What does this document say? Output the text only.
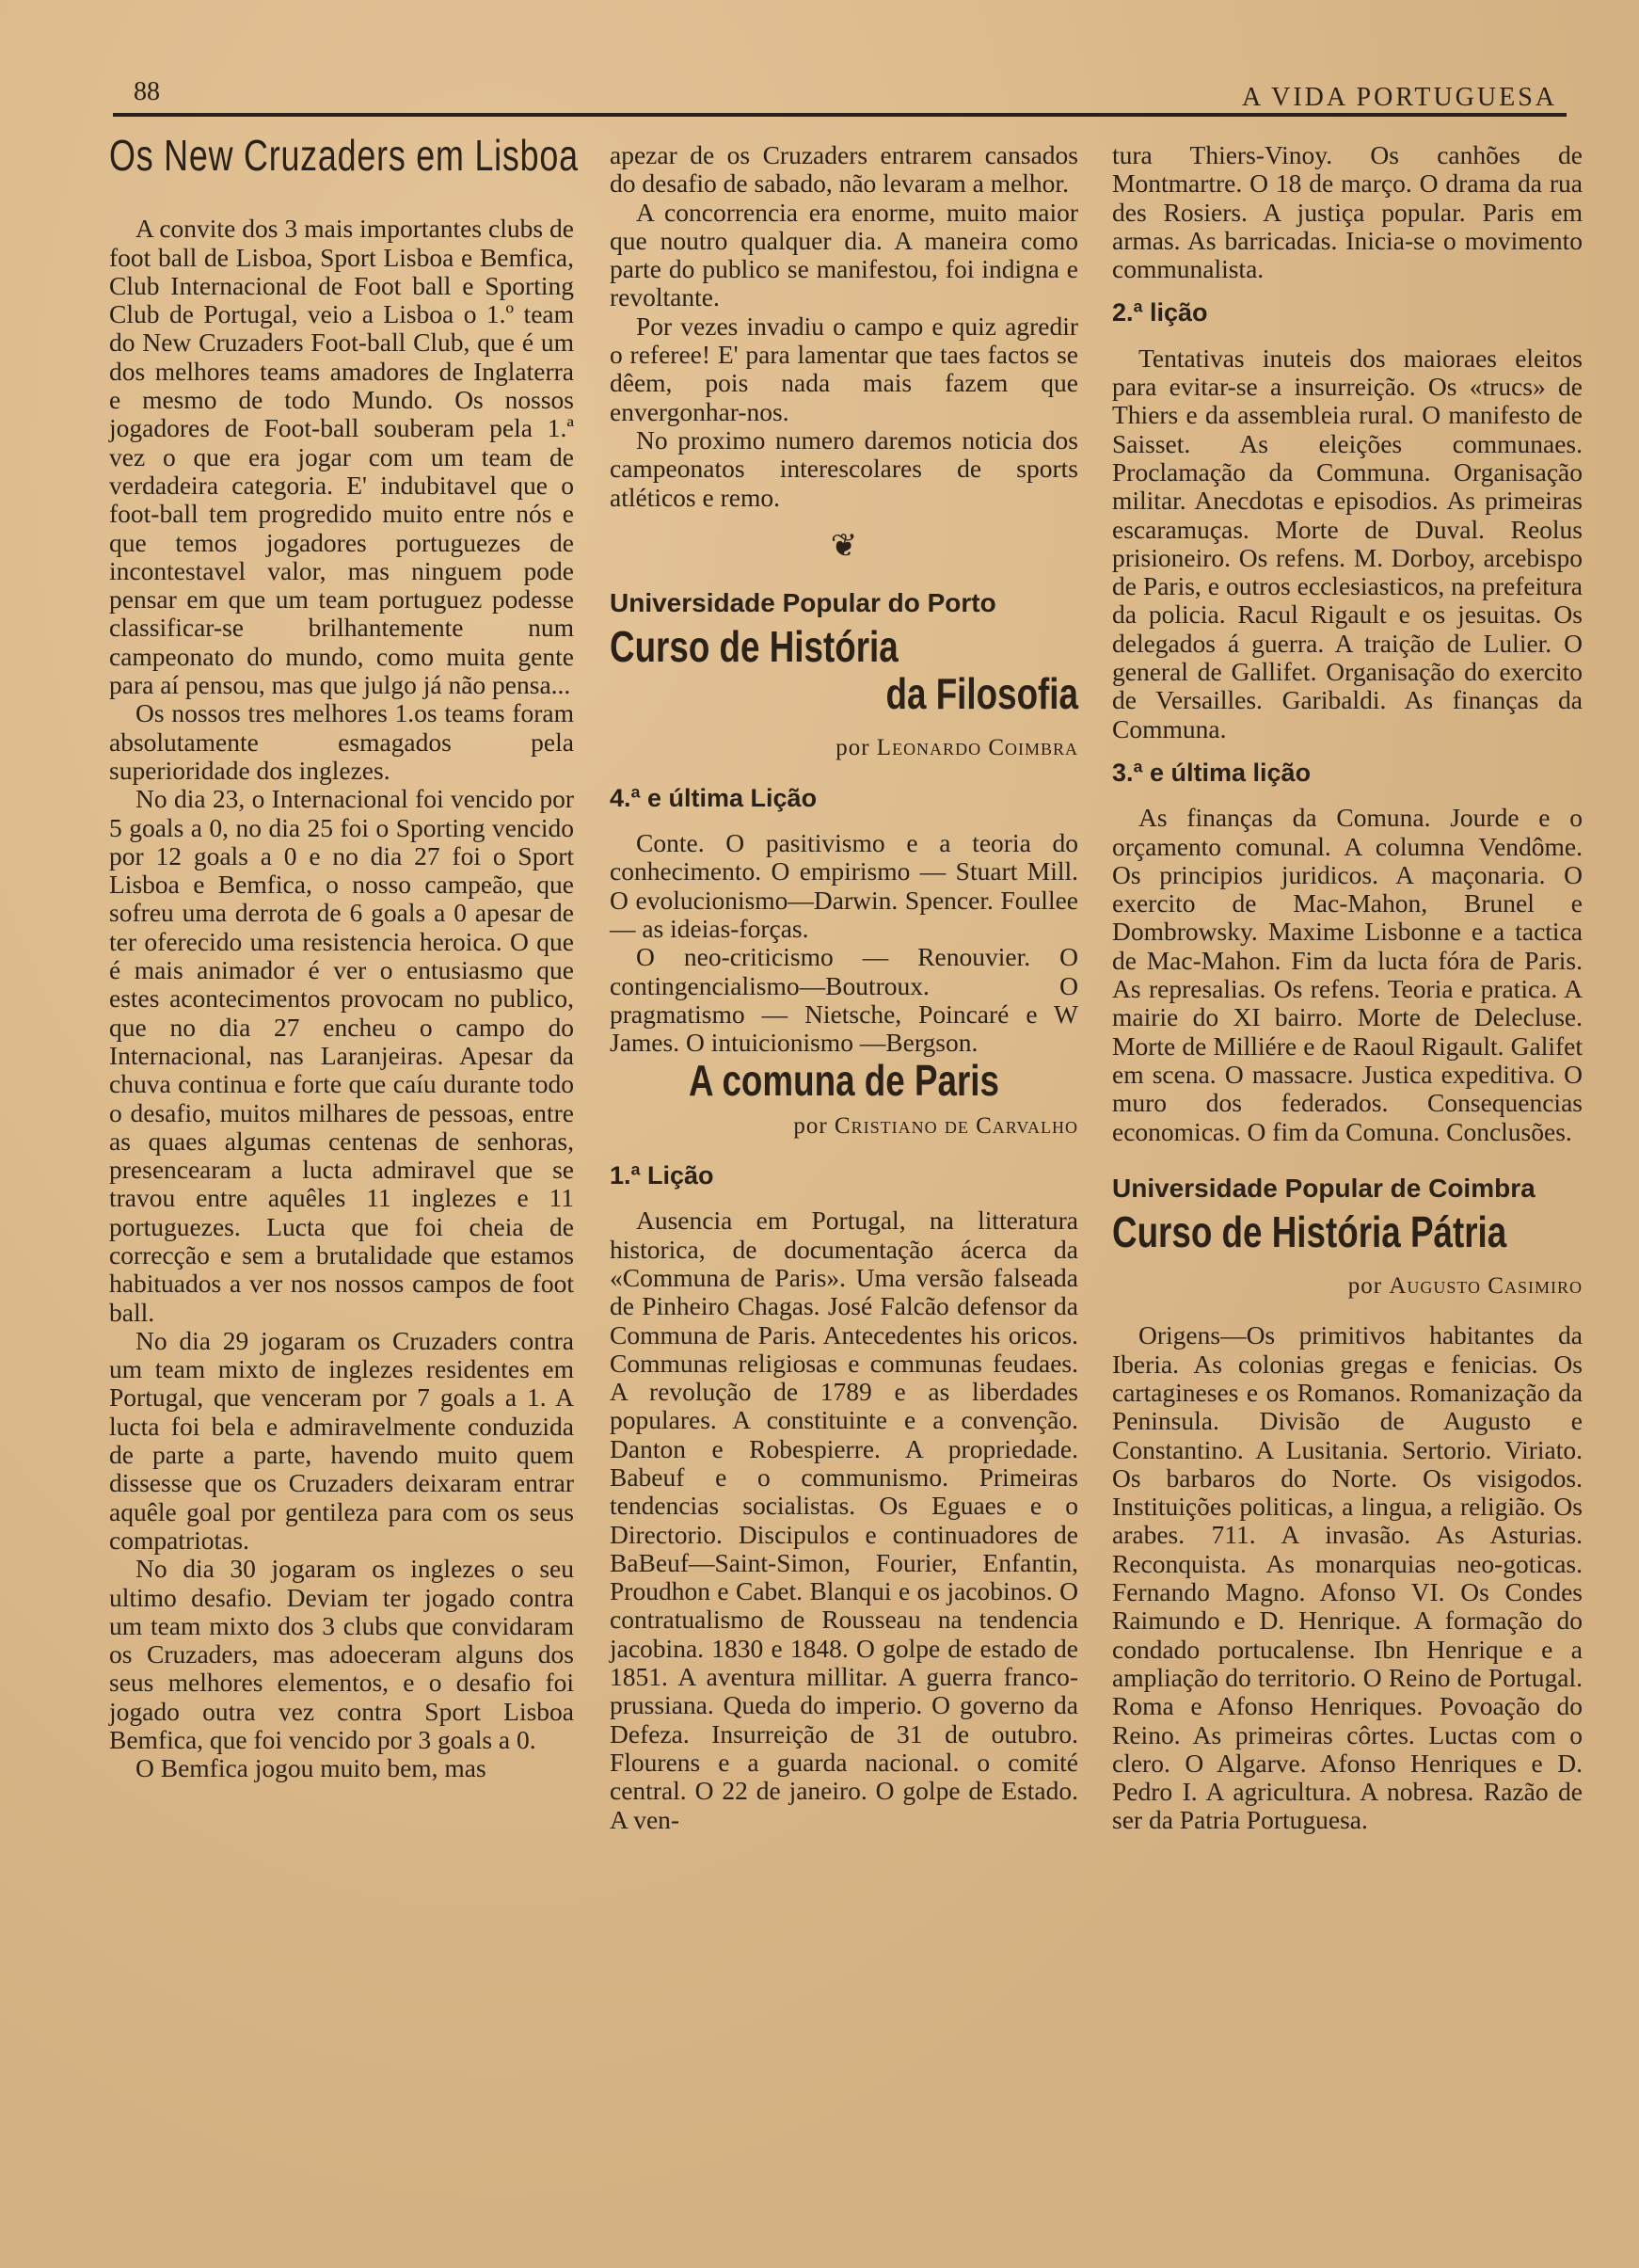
88	A VIDA PORTUGUESA
Os New Cruzaders em Lisboa

A convite dos 3 mais importantes clubs de foot ball de Lisboa, Sport Lisboa e Bemfica, Club Internacional de Foot ball e Sporting Club de Portugal, veio a Lisboa o 1.º team do New Cruzaders Foot-ball Club, que é um dos melhores teams amadores de Inglaterra e mesmo de todo Mundo. Os nossos jogadores de Foot-ball souberam pela 1.ª vez o que era jogar com um team de verdadeira categoria. E' indubitavel que o foot-ball tem progredido muito entre nós e que temos jogadores portuguezes de incontestavel valor, mas ninguem pode pensar em que um team portuguez podesse classificar-se brilhantemente num campeonato do mundo, como muita gente para aí pensou, mas que julgo já não pensa...

Os nossos tres melhores 1.os teams foram absolutamente esmagados pela superioridade dos inglezes.

No dia 23, o Internacional foi vencido por 5 goals a 0, no dia 25 foi o Sporting vencido por 12 goals a 0 e no dia 27 foi o Sport Lisboa e Bemfica, o nosso campeão, que sofreu uma derrota de 6 goals a 0 apesar de ter oferecido uma resistencia heroica. O que é mais animador é ver o entusiasmo que estes acontecimentos provocam no publico, que no dia 27 encheu o campo do Internacional, nas Laranjeiras. Apesar da chuva continua e forte que caíu durante todo o desafio, muitos milhares de pessoas, entre as quaes algumas centenas de senhoras, presencearam a lucta admiravel que se travou entre aquêles 11 inglezes e 11 portuguezes. Lucta que foi cheia de correcção e sem a brutalidade que estamos habituados a ver nos nossos campos de foot ball.

No dia 29 jogaram os Cruzaders contra um team mixto de inglezes residentes em Portugal, que venceram por 7 goals a 1. A lucta foi bela e admiravelmente conduzida de parte a parte, havendo muito quem dissesse que os Cruzaders deixaram entrar aquêle goal por gentileza para com os seus compatriotas.

No dia 30 jogaram os inglezes o seu ultimo desafio. Deviam ter jogado contra um team mixto dos 3 clubs que convidaram os Cruzaders, mas adoeceram alguns dos seus melhores elementos, e o desafio foi jogado outra vez contra Sport Lisboa Bemfica, que foi vencido por 3 goals a 0.

O Bemfica jogou muito bem, mas

apezar de os Cruzaders entrarem cansados do desafio de sabado, não levaram a melhor.

A concorrencia era enorme, muito maior que noutro qualquer dia. A maneira como parte do publico se manifestou, foi indigna e revoltante.

Por vezes invadiu o campo e quiz agredir o referee! E' para lamentar que taes factos se dêem, pois nada mais fazem que envergonhar-nos.

No proximo numero daremos noticia dos campeonatos interescolares de sports atléticos e remo.

❦
Universidade Popular do Porto
Curso de História
da Filosofia
por Leonardo Coimbra
4.ª e última Lição

Conte. O pasitivismo e a teoria do conhecimento. O empirismo — Stuart Mill. O evolucionismo—Darwin. Spencer. Foullee — as ideias-forças.

O neo-criticismo — Renouvier. O contingencialismo—Boutroux. O pragmatismo — Nietsche, Poincaré e W James. O intuicionismo —Bergson.

A comuna de Paris
por Cristiano de Carvalho
1.ª Lição

Ausencia em Portugal, na litteratura historica, de documentação ácerca da «Communa de Paris». Uma versão falseada de Pinheiro Chagas. José Falcão defensor da Communa de Paris. Antecedentes his oricos. Communas religiosas e communas feudaes. A revolução de 1789 e as liberdades populares. A constituinte e a convenção. Danton e Robespierre. A propriedade. Babeuf e o communismo. Primeiras tendencias socialistas. Os Eguaes e o Directorio. Discipulos e continuadores de BaBeuf—Saint-Simon, Fourier, Enfantin, Proudhon e Cabet. Blanqui e os jacobinos. O contratualismo de Rousseau na tendencia jacobina. 1830 e 1848. O golpe de estado de 1851. A aventura millitar. A guerra franco-prussiana. Queda do imperio. O governo da Defeza. Insurreição de 31 de outubro. Flourens e a guarda nacional. o comité central. O 22 de janeiro. O golpe de Estado. A ven-

tura Thiers-Vinoy. Os canhões de Montmartre. O 18 de março. O drama da rua des Rosiers. A justiça popular. Paris em armas. As barricadas. Inicia-se o movimento communalista.

2.ª lição

Tentativas inuteis dos maioraes eleitos para evitar-se a insurreição. Os «trucs» de Thiers e da assembleia rural. O manifesto de Saisset. As eleições communaes. Proclamação da Communa. Organisação militar. Anecdotas e episodios. As primeiras escaramuças. Morte de Duval. Reolus prisioneiro. Os refens. M. Dorboy, arcebispo de Paris, e outros ecclesiasticos, na prefeitura da policia. Racul Rigault e os jesuitas. Os delegados á guerra. A traição de Lulier. O general de Gallifet. Organisação do exercito de Versailles. Garibaldi. As finanças da Communa.

3.ª e última lição

As finanças da Comuna. Jourde e o orçamento comunal. A columna Vendôme. Os principios juridicos. A maçonaria. O exercito de Mac-Mahon, Brunel e Dombrowsky. Maxime Lisbonne e a tactica de Mac-Mahon. Fim da lucta fóra de Paris. As represalias. Os refens. Teoria e pratica. A mairie do XI bairro. Morte de Delecluse. Morte de Milliére e de Raoul Rigault. Galifet em scena. O massacre. Justica expeditiva. O muro dos federados. Consequencias economicas. O fim da Comuna. Conclusões.

Universidade Popular de Coimbra
Curso de História Pátria
por Augusto Casimiro

Origens—Os primitivos habitantes da Iberia. As colonias gregas e fenicias. Os cartagineses e os Romanos. Romanização da Peninsula. Divisão de Augusto e Constantino. A Lusitania. Sertorio. Viriato. Os barbaros do Norte. Os visigodos. Instituições politicas, a lingua, a religião. Os arabes. 711. A invasão. As Asturias. Reconquista. As monarquias neo-goticas. Fernando Magno. Afonso VI. Os Condes Raimundo e D. Henrique. A formação do condado portucalense. Ibn Henrique e a ampliação do territorio. O Reino de Portugal. Roma e Afonso Henriques. Povoação do Reino. As primeiras côrtes. Luctas com o clero. O Algarve. Afonso Henriques e D. Pedro I. A agricultura. A nobresa. Razão de ser da Patria Portuguesa.
